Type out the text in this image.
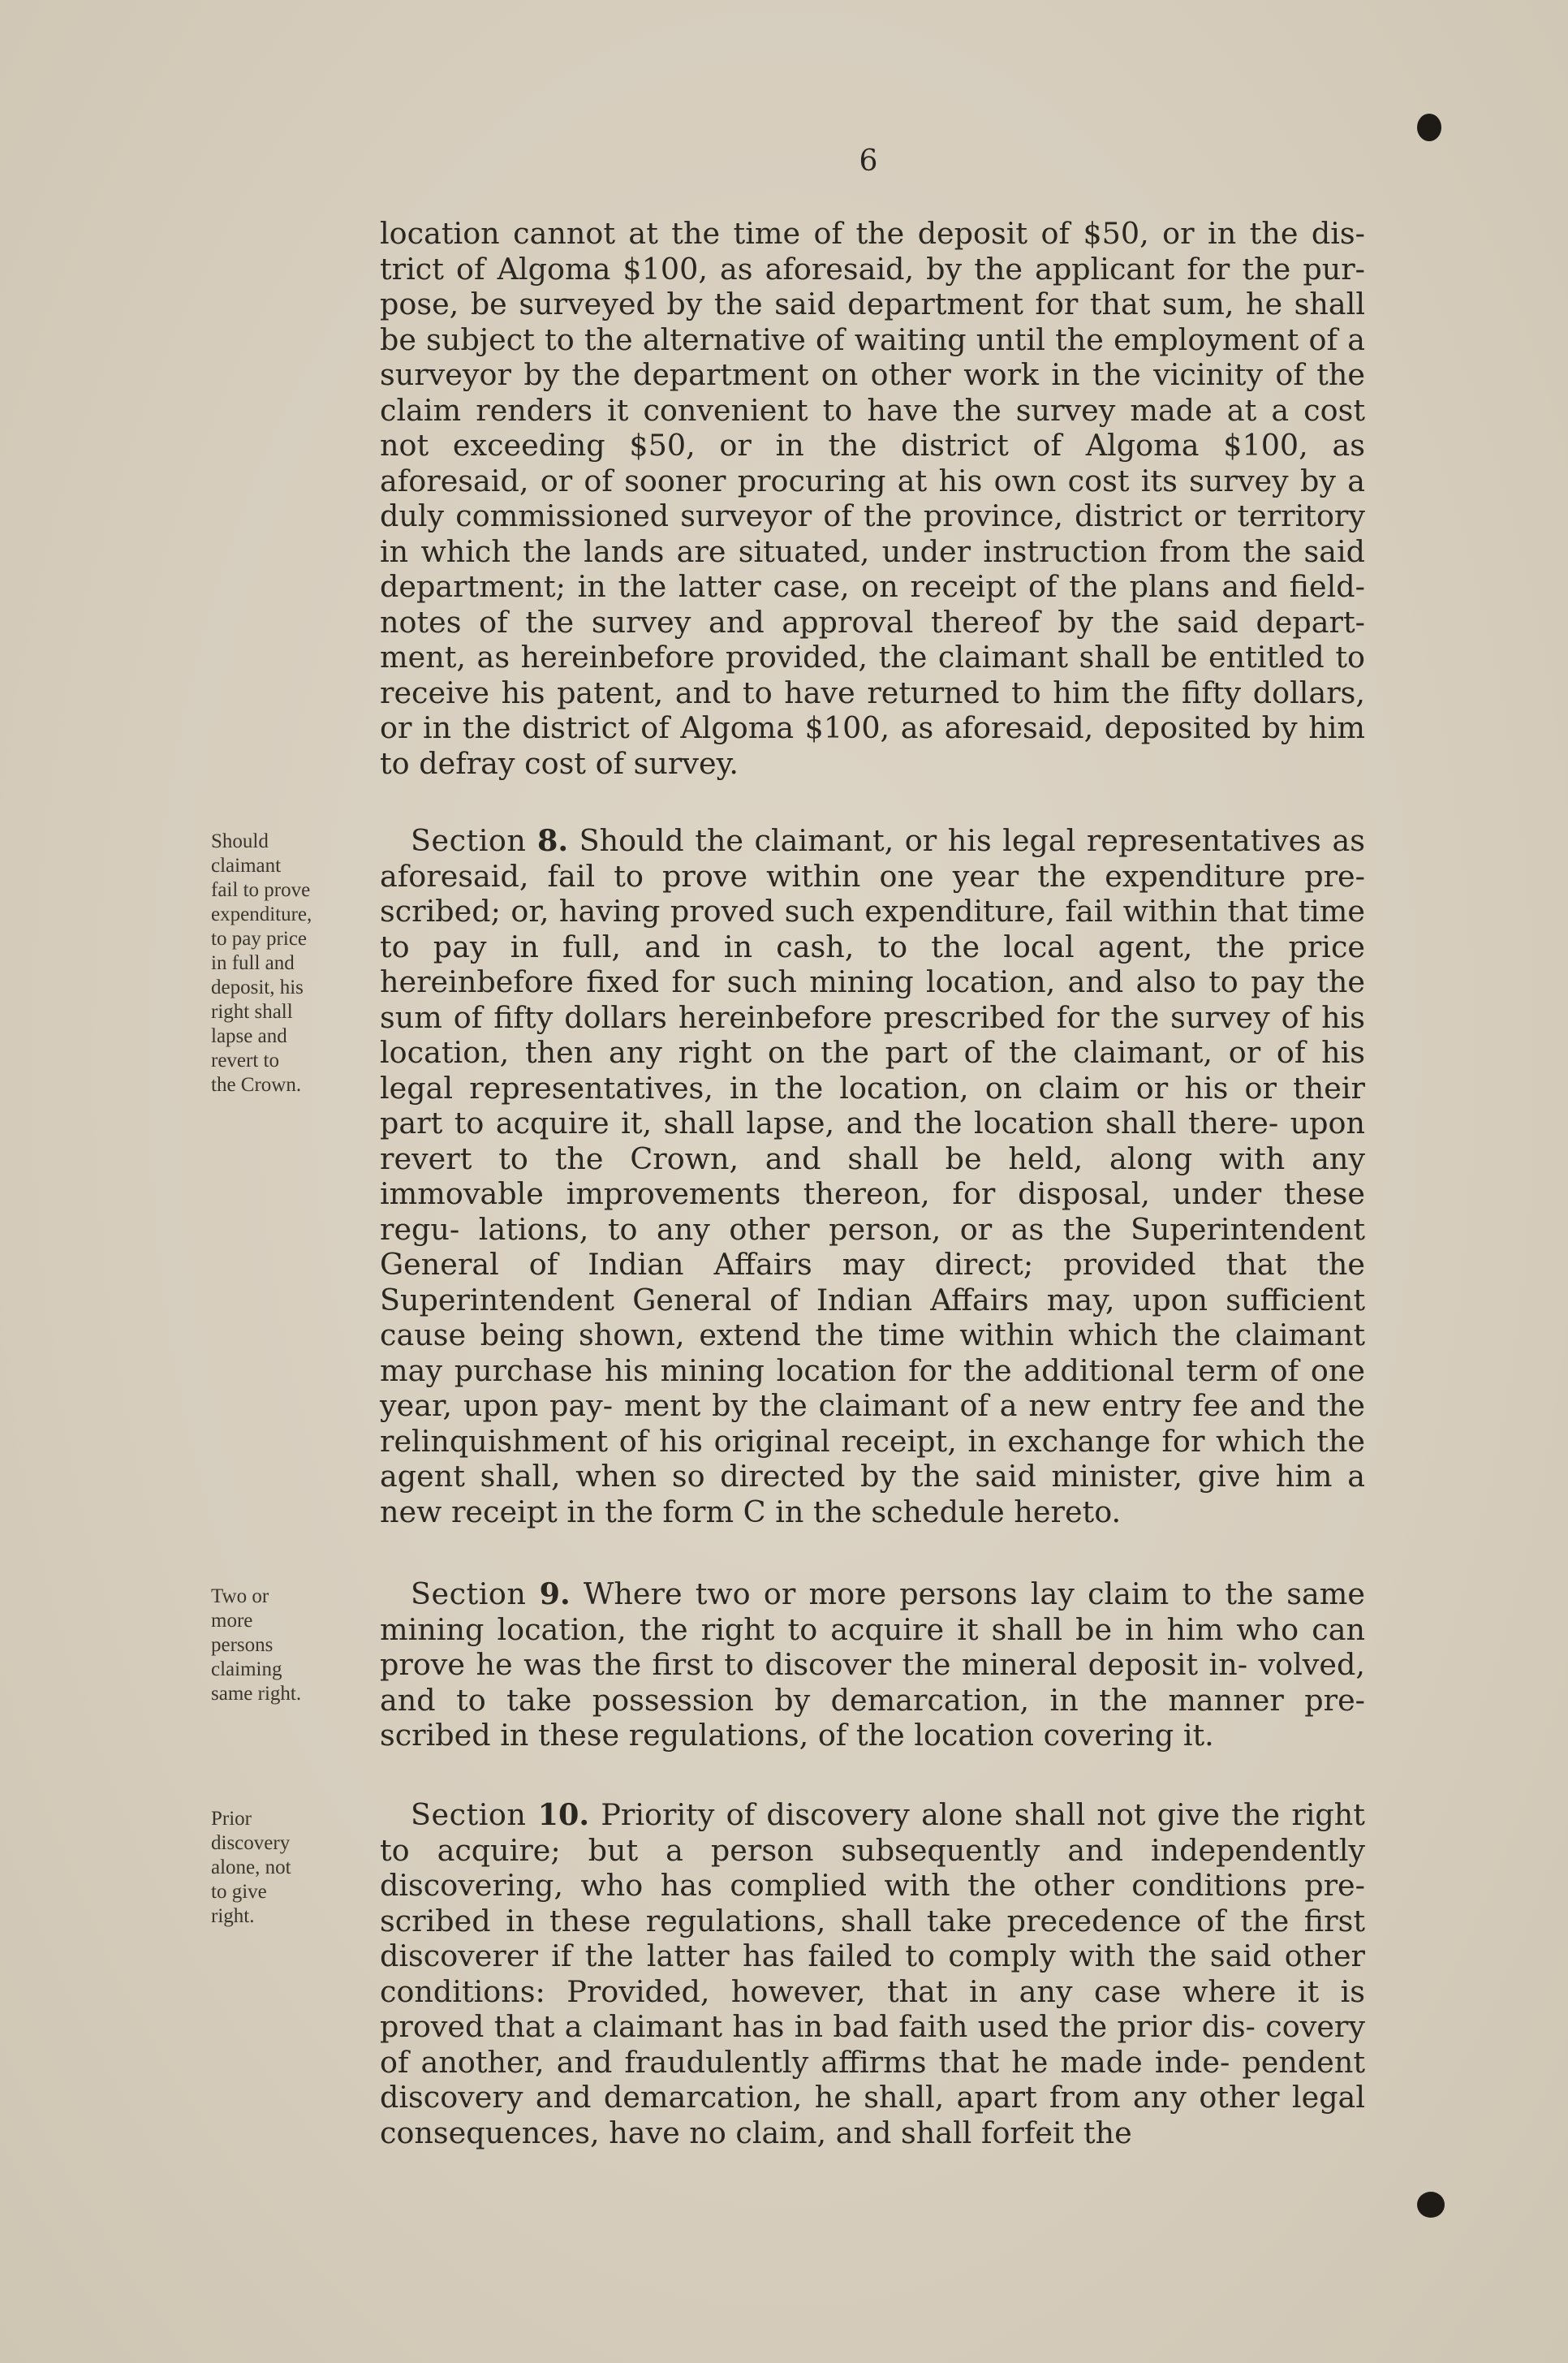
6

location cannot at the time of the deposit of $50, or in the dis- trict of Algoma $100, as aforesaid, by the applicant for the pur- pose, be surveyed by the said department for that sum, he shall be subject to the alternative of waiting until the employment of a surveyor by the department on other work in the vicinity of the claim renders it convenient to have the survey made at a cost not exceeding $50, or in the district of Algoma $100, as aforesaid, or of sooner procuring at his own cost its survey by a duly commissioned surveyor of the province, district or territory in which the lands are situated, under instruction from the said department; in the latter case, on receipt of the plans and field- notes of the survey and approval thereof by the said depart- ment, as hereinbefore provided, the claimant shall be entitled to receive his patent, and to have returned to him the fifty dollars, or in the district of Algoma $100, as aforesaid, deposited by him to defray cost of survey.

Should
claimant
fail to prove
expenditure,
to pay price
in full and
deposit, his
right shall
lapse and
revert to
the Crown.

Section 8. Should the claimant, or his legal representatives as aforesaid, fail to prove within one year the expenditure pre- scribed; or, having proved such expenditure, fail within that time to pay in full, and in cash, to the local agent, the price hereinbefore fixed for such mining location, and also to pay the sum of fifty dollars hereinbefore prescribed for the survey of his location, then any right on the part of the claimant, or of his legal representatives, in the location, on claim or his or their part to acquire it, shall lapse, and the location shall there- upon revert to the Crown, and shall be held, along with any immovable improvements thereon, for disposal, under these regu- lations, to any other person, or as the Superintendent General of Indian Affairs may direct; provided that the Superintendent General of Indian Affairs may, upon sufficient cause being shown, extend the time within which the claimant may purchase his mining location for the additional term of one year, upon pay- ment by the claimant of a new entry fee and the relinquishment of his original receipt, in exchange for which the agent shall, when so directed by the said minister, give him a new receipt in the form C in the schedule hereto.

Two or
more
persons
claiming
same right.

Section 9. Where two or more persons lay claim to the same mining location, the right to acquire it shall be in him who can prove he was the first to discover the mineral deposit in- volved, and to take possession by demarcation, in the manner pre- scribed in these regulations, of the location covering it.

Prior
discovery
alone, not
to give
right.

Section 10. Priority of discovery alone shall not give the right to acquire; but a person subsequently and independently discovering, who has complied with the other conditions pre- scribed in these regulations, shall take precedence of the first discoverer if the latter has failed to comply with the said other conditions: Provided, however, that in any case where it is proved that a claimant has in bad faith used the prior dis- covery of another, and fraudulently affirms that he made inde- pendent discovery and demarcation, he shall, apart from any other legal consequences, have no claim, and shall forfeit the
